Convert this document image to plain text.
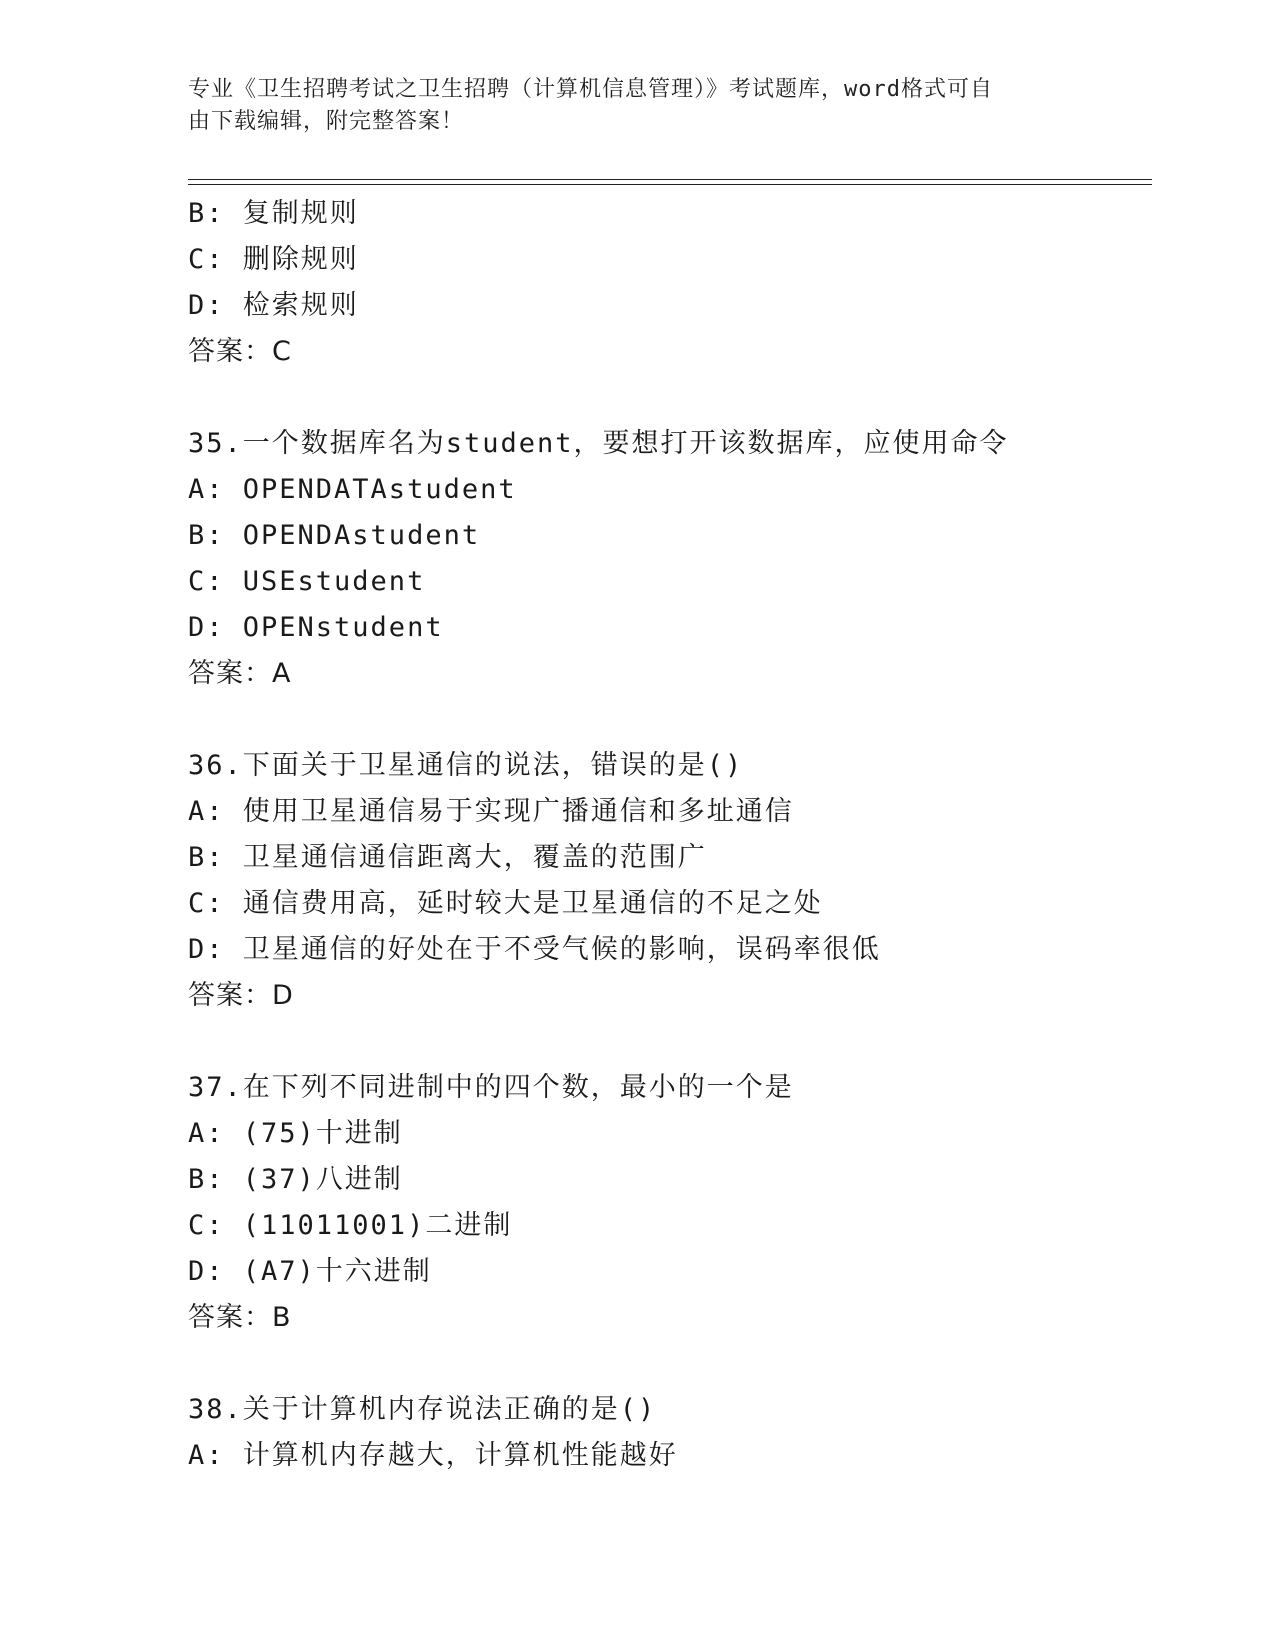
专业《卫生招聘考试之卫生招聘（计算机信息管理）》考试题库，word格式可自
由下载编辑，附完整答案！
B: 复制规则
C: 删除规则
D: 检索规则
答案：C
35.一个数据库名为student，要想打开该数据库，应使用命令
A: OPENDATAstudent
B: OPENDAstudent
C: USEstudent
D: OPENstudent
答案：A
36.下面关于卫星通信的说法，错误的是()
A: 使用卫星通信易于实现广播通信和多址通信
B: 卫星通信通信距离大，覆盖的范围广
C: 通信费用高，延时较大是卫星通信的不足之处
D: 卫星通信的好处在于不受气候的影响，误码率很低
答案：D
37.在下列不同进制中的四个数，最小的一个是
A: (75)十进制
B: (37)八进制
C: (11011001)二进制
D: (A7)十六进制
答案：B
38.关于计算机内存说法正确的是()
A: 计算机内存越大，计算机性能越好
